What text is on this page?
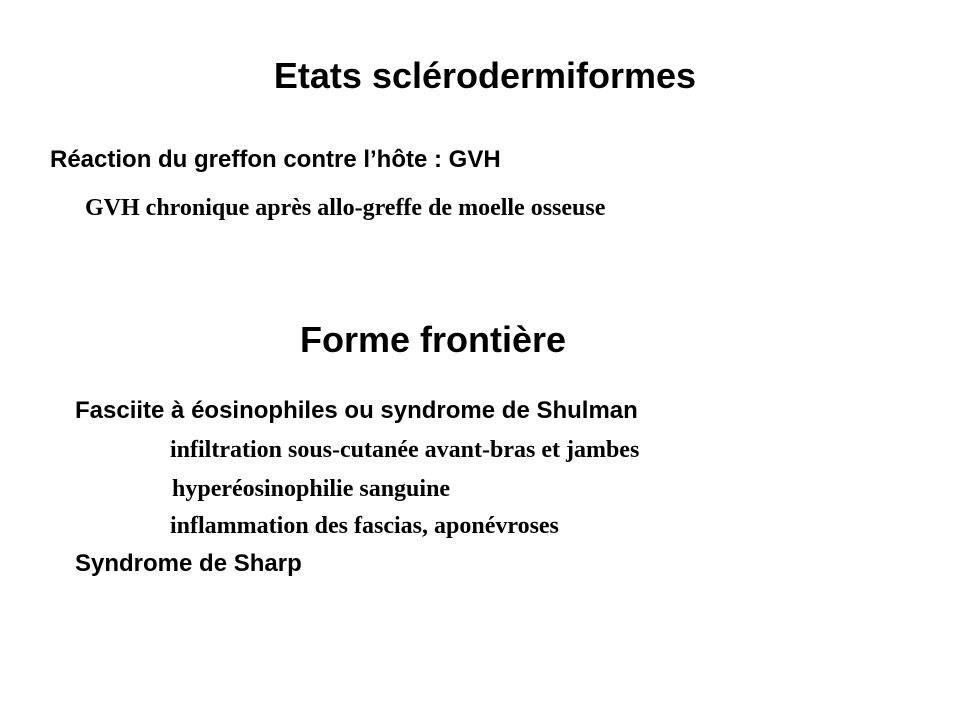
Etats sclérodermiformes

Réaction du greffon contre l’hôte : GVH

GVH chronique après allo-greffe de moelle osseuse

Forme frontière

Fasciite à éosinophiles ou syndrome de Shulman

infiltration sous-cutanée avant-bras et jambes

hyperéosinophilie sanguine

inflammation des fascias, aponévroses

Syndrome de Sharp
